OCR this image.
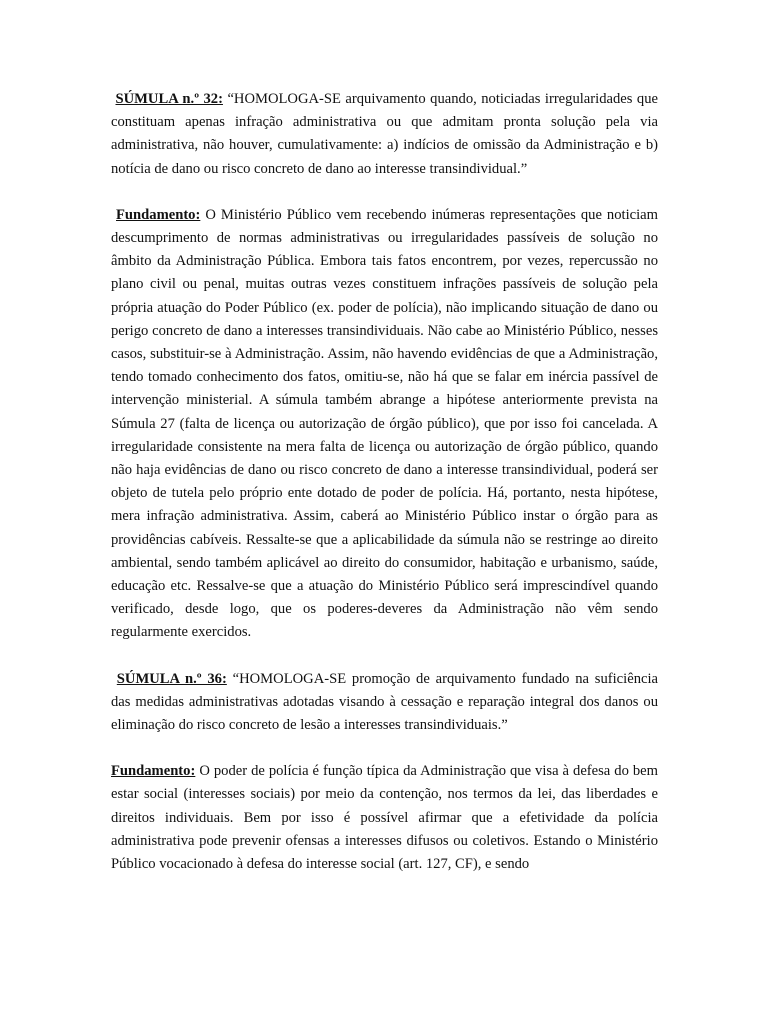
SÚMULA n.º 32: “HOMOLOGA-SE arquivamento quando, noticiadas irregularidades que constituam apenas infração administrativa ou que admitam pronta solução pela via administrativa, não houver, cumulativamente: a) indícios de omissão da Administração e b) notícia de dano ou risco concreto de dano ao interesse transindividual.”

Fundamento: O Ministério Público vem recebendo inúmeras representações que noticiam descumprimento de normas administrativas ou irregularidades passíveis de solução no âmbito da Administração Pública. Embora tais fatos encontrem, por vezes, repercussão no plano civil ou penal, muitas outras vezes constituem infrações passíveis de solução pela própria atuação do Poder Público (ex. poder de polícia), não implicando situação de dano ou perigo concreto de dano a interesses transindividuais. Não cabe ao Ministério Público, nesses casos, substituir-se à Administração. Assim, não havendo evidências de que a Administração, tendo tomado conhecimento dos fatos, omitiu-se, não há que se falar em inércia passível de intervenção ministerial. A súmula também abrange a hipótese anteriormente prevista na Súmula 27 (falta de licença ou autorização de órgão público), que por isso foi cancelada. A irregularidade consistente na mera falta de licença ou autorização de órgão público, quando não haja evidências de dano ou risco concreto de dano a interesse transindividual, poderá ser objeto de tutela pelo próprio ente dotado de poder de polícia. Há, portanto, nesta hipótese, mera infração administrativa. Assim, caberá ao Ministério Público instar o órgão para as providências cabíveis. Ressalte-se que a aplicabilidade da súmula não se restringe ao direito ambiental, sendo também aplicável ao direito do consumidor, habitação e urbanismo, saúde, educação etc. Ressalve-se que a atuação do Ministério Público será imprescindível quando verificado, desde logo, que os poderes-deveres da Administração não vêm sendo regularmente exercidos.

SÚMULA n.º 36: “HOMOLOGA-SE promoção de arquivamento fundado na suficiência das medidas administrativas adotadas visando à cessação e reparação integral dos danos ou eliminação do risco concreto de lesão a interesses transindividuais.”

Fundamento: O poder de polícia é função típica da Administração que visa à defesa do bem estar social (interesses sociais) por meio da contenção, nos termos da lei, das liberdades e direitos individuais. Bem por isso é possível afirmar que a efetividade da polícia administrativa pode prevenir ofensas a interesses difusos ou coletivos. Estando o Ministério Público vocacionado à defesa do interesse social (art. 127, CF), e sendo
